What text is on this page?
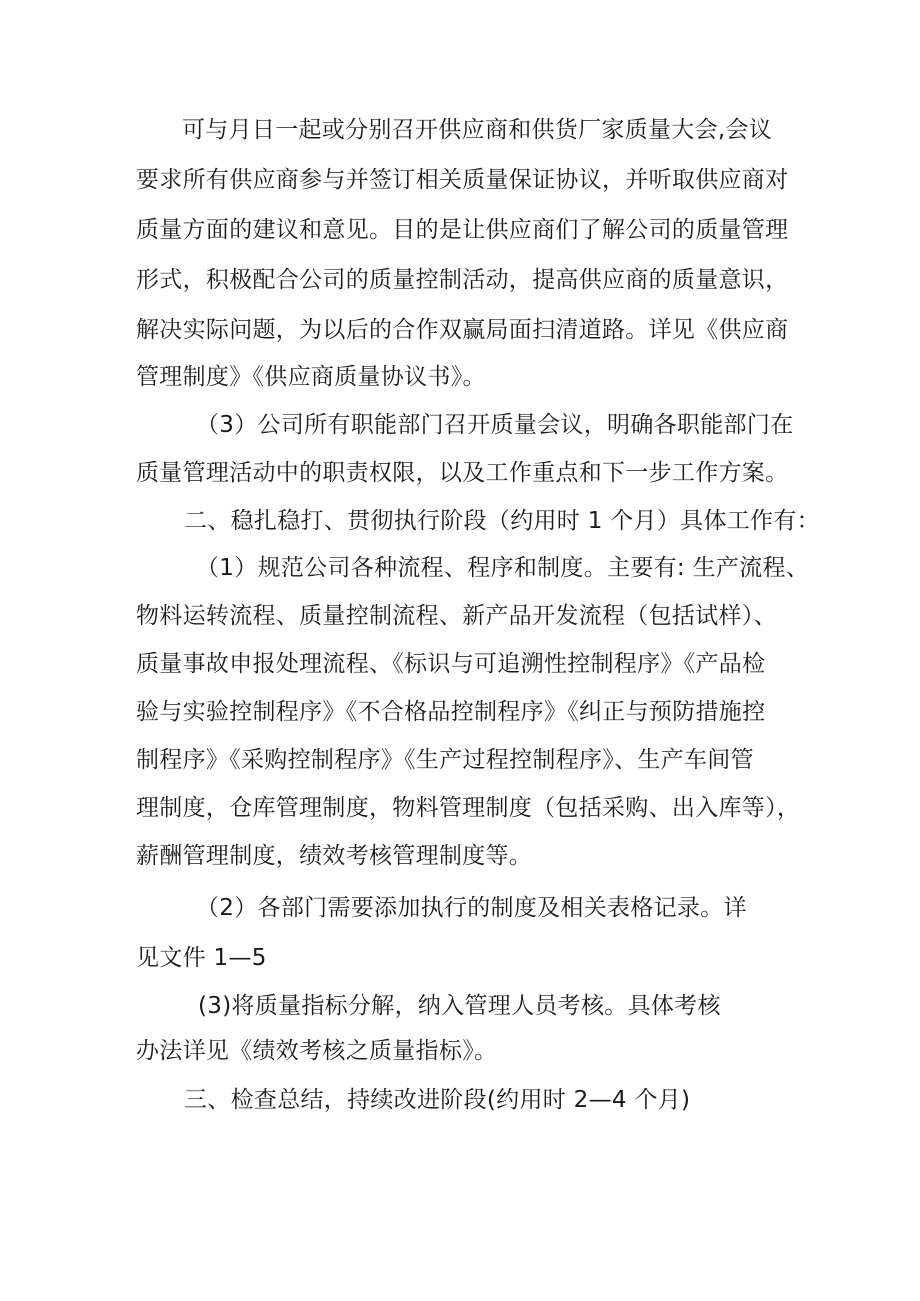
可与月日一起或分别召开供应商和供货厂家质量大会,会议
要求所有供应商参与并签订相关质量保证协议，并听取供应商对
质量方面的建议和意见。目的是让供应商们了解公司的质量管理
形式，积极配合公司的质量控制活动，提高供应商的质量意识，
解决实际问题，为以后的合作双赢局面扫清道路。详见《供应商
管理制度》《供应商质量协议书》。
（3）公司所有职能部门召开质量会议，明确各职能部门在
质量管理活动中的职责权限，以及工作重点和下一步工作方案。
二、稳扎稳打、贯彻执行阶段（约用时 1 个月）具体工作有：
（1）规范公司各种流程、程序和制度。主要有: 生产流程、
物料运转流程、质量控制流程、新产品开发流程（包括试样）、
质量事故申报处理流程、《标识与可追溯性控制程序》《产品检
验与实验控制程序》《不合格品控制程序》《纠正与预防措施控
制程序》《采购控制程序》《生产过程控制程序》、生产车间管
理制度，仓库管理制度，物料管理制度（包括采购、出入库等），
薪酬管理制度，绩效考核管理制度等。
（2）各部门需要添加执行的制度及相关表格记录。详
见文件 1—5
(3)将质量指标分解，纳入管理人员考核。具体考核
办法详见《绩效考核之质量指标》。
三、检查总结，持续改进阶段(约用时 2—4 个月)
